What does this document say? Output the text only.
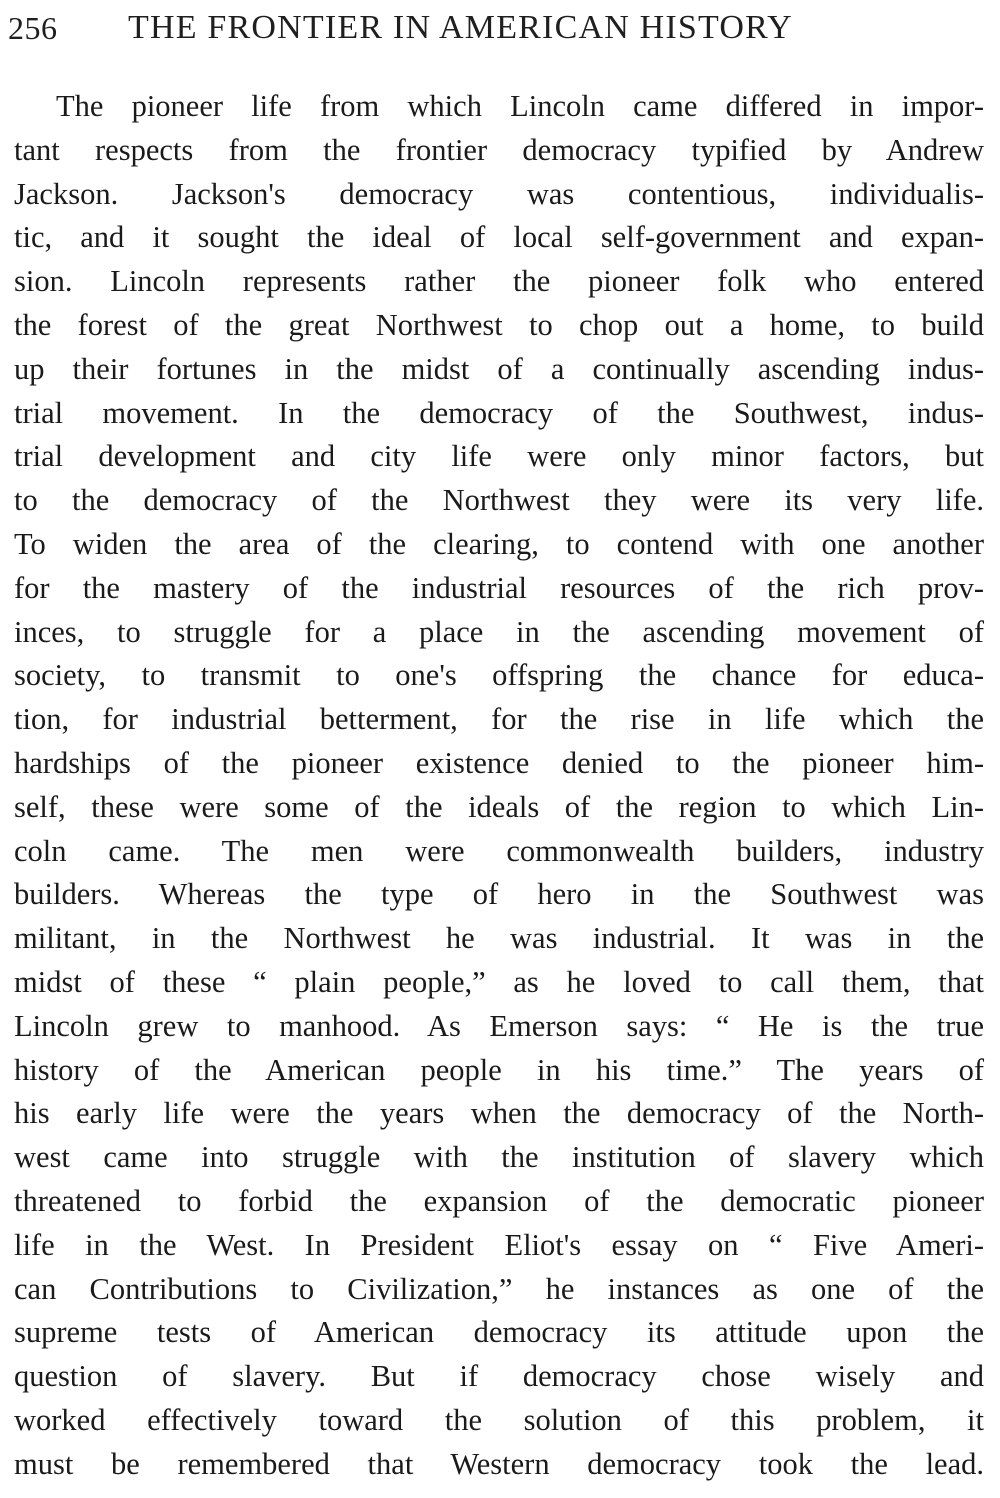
256	THE FRONTIER IN AMERICAN HISTORY
The pioneer life from which Lincoln came differed in impor-
tant respects from the frontier democracy typified by Andrew
Jackson. Jackson's democracy was contentious, individualis-
tic, and it sought the ideal of local self-government and expan-
sion. Lincoln represents rather the pioneer folk who entered
the forest of the great Northwest to chop out a home, to build
up their fortunes in the midst of a continually ascending indus-
trial movement. In the democracy of the Southwest, indus-
trial development and city life were only minor factors, but
to the democracy of the Northwest they were its very life.
To widen the area of the clearing, to contend with one another
for the mastery of the industrial resources of the rich prov-
inces, to struggle for a place in the ascending movement of
society, to transmit to one's offspring the chance for educa-
tion, for industrial betterment, for the rise in life which the
hardships of the pioneer existence denied to the pioneer him-
self, these were some of the ideals of the region to which Lin-
coln came. The men were commonwealth builders, industry
builders. Whereas the type of hero in the Southwest was
militant, in the Northwest he was industrial. It was in the
midst of these “ plain people,” as he loved to call them, that
Lincoln grew to manhood. As Emerson says: “ He is the true
history of the American people in his time.” The years of
his early life were the years when the democracy of the North-
west came into struggle with the institution of slavery which
threatened to forbid the expansion of the democratic pioneer
life in the West. In President Eliot's essay on “ Five Ameri-
can Contributions to Civilization,” he instances as one of the
supreme tests of American democracy its attitude upon the
question of slavery. But if democracy chose wisely and
worked effectively toward the solution of this problem, it
must be remembered that Western democracy took the lead.
